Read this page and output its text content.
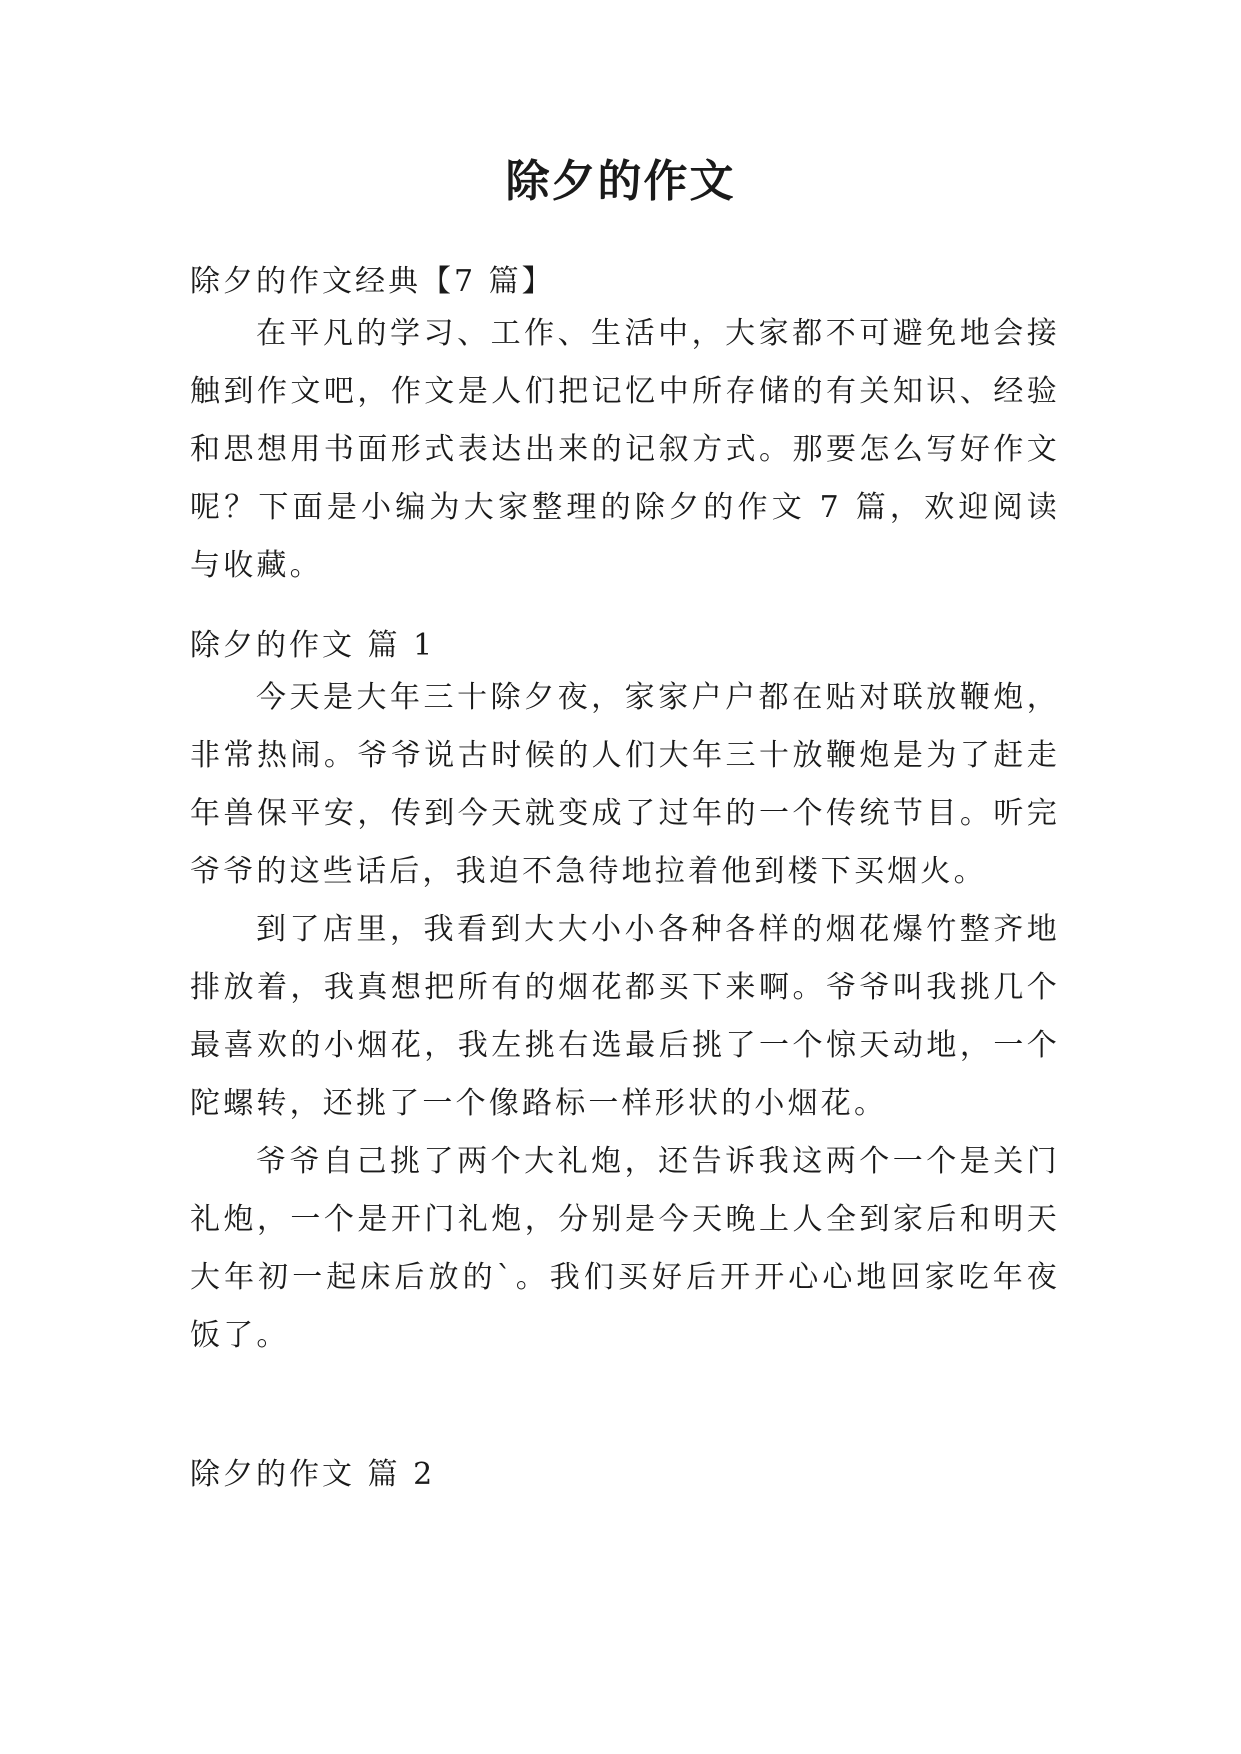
除夕的作文

除夕的作文经典【7 篇】

在平凡的学习、工作、生活中，大家都不可避免地会接触到作文吧，作文是人们把记忆中所存储的有关知识、经验和思想用书面形式表达出来的记叙方式。那要怎么写好作文呢？下面是小编为大家整理的除夕的作文 7 篇，欢迎阅读与收藏。

除夕的作文 篇 1

今天是大年三十除夕夜，家家户户都在贴对联放鞭炮，非常热闹。爷爷说古时候的人们大年三十放鞭炮是为了赶走年兽保平安，传到今天就变成了过年的一个传统节目。听完爷爷的这些话后，我迫不急待地拉着他到楼下买烟火。

到了店里，我看到大大小小各种各样的烟花爆竹整齐地排放着，我真想把所有的烟花都买下来啊。爷爷叫我挑几个最喜欢的小烟花，我左挑右选最后挑了一个惊天动地，一个陀螺转，还挑了一个像路标一样形状的小烟花。

爷爷自己挑了两个大礼炮，还告诉我这两个一个是关门礼炮，一个是开门礼炮，分别是今天晚上人全到家后和明天大年初一起床后放的`。我们买好后开开心心地回家吃年夜饭了。

除夕的作文 篇 2
